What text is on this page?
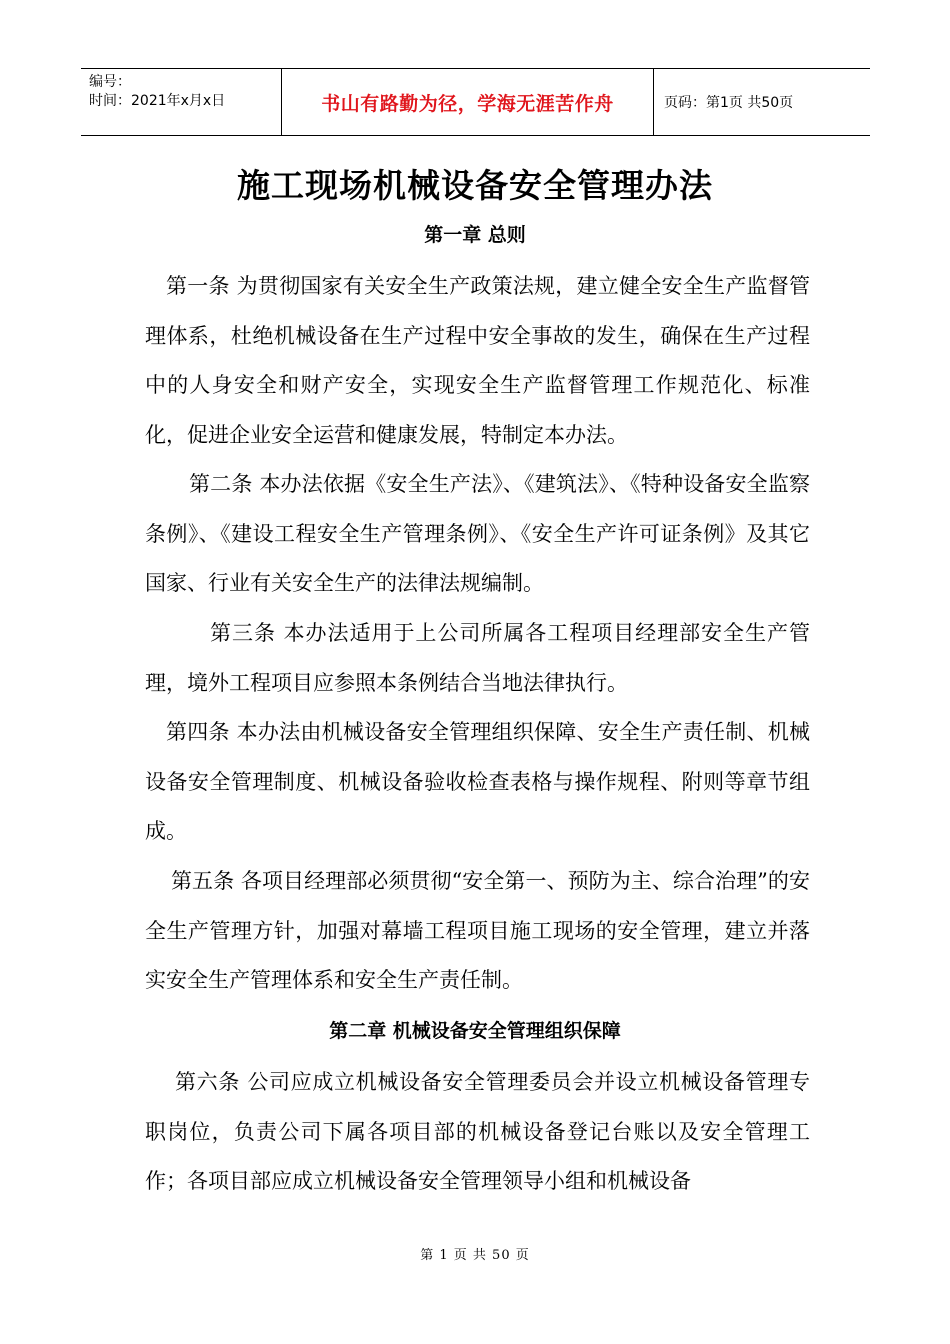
编号：
时间：2021年x月x日	书山有路勤为径，学海无涯苦作舟	页码：第1页 共50页
施工现场机械设备安全管理办法
第一章 总则

第一条 为贯彻国家有关安全生产政策法规，建立健全安全生产监督管理体系，杜绝机械设备在生产过程中安全事故的发生，确保在生产过程中的人身安全和财产安全，实现安全生产监督管理工作规范化、标准化，促进企业安全运营和健康发展，特制定本办法。

第二条 本办法依据《安全生产法》、《建筑法》、《特种设备安全监察条例》、《建设工程安全生产管理条例》、《安全生产许可证条例》及其它国家、行业有关安全生产的法律法规编制。

第三条 本办法适用于上公司所属各工程项目经理部安全生产管理，境外工程项目应参照本条例结合当地法律执行。

第四条 本办法由机械设备安全管理组织保障、安全生产责任制、机械设备安全管理制度、机械设备验收检查表格与操作规程、附则等章节组成。

第五条 各项目经理部必须贯彻“安全第一、预防为主、综合治理”的安全生产管理方针，加强对幕墙工程项目施工现场的安全管理，建立并落实安全生产管理体系和安全生产责任制。

第二章 机械设备安全管理组织保障

第六条 公司应成立机械设备安全管理委员会并设立机械设备管理专职岗位，负责公司下属各项目部的机械设备登记台账以及安全管理工作；各项目部应成立机械设备安全管理领导小组和机械设备

第 1 页 共 50 页
